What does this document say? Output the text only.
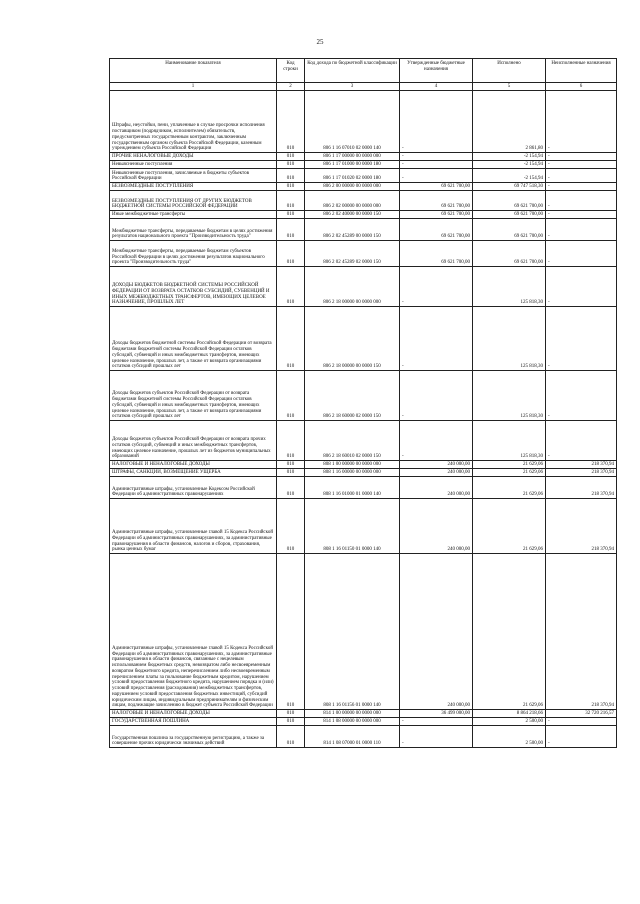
25
Наименование показателя	Код строки	Код дохода по бюджетной классификации	Утвержденные бюджетные назначения	Исполнено	Неисполненные назначения
1	2	3	4	5	6
Штрафы, неустойки, пени, уплаченные в случае просрочки исполнения поставщиком (подрядчиком, исполнителем) обязательств, предусмотренных государственным контрактом, заключенным государственным органом субъекта Российской Федерации, казенным учреждением субъекта Российской Федерации	010	806 1 16 07010 02 0000 140	-	2 861,80	-
ПРОЧИЕ НЕНАЛОГОВЫЕ ДОХОДЫ	010	806 1 17 00000 00 0000 000	-	-2 154,94	-
Невыясненные поступления	010	806 1 17 01000 00 0000 180	-	-2 154,94	-
Невыясненные поступления, зачисляемые в бюджеты субъектов Российской Федерации	010	806 1 17 01020 02 0000 180	-	-2 154,94	-
БЕЗВОЗМЕЗДНЫЕ ПОСТУПЛЕНИЯ	010	806 2 00 00000 00 0000 000	69 621 700,00	69 747 518,30	-
БЕЗВОЗМЕЗДНЫЕ ПОСТУПЛЕНИЯ ОТ ДРУГИХ БЮДЖЕТОВ БЮДЖЕТНОЙ СИСТЕМЫ РОССИЙСКОЙ ФЕДЕРАЦИИ	010	806 2 02 00000 00 0000 000	69 621 700,00	69 621 700,00	-
Иные межбюджетные трансферты	010	806 2 02 40000 00 0000 150	69 621 700,00	69 621 700,00	-
Межбюджетные трансферты, передаваемые бюджетам в целях достижения результатов национального проекта "Производительность труда"	010	806 2 02 45289 00 0000 150	69 621 700,00	69 621 700,00	-
Межбюджетные трансферты, передаваемые бюджетам субъектов Российской Федерации в целях достижения результатов национального проекта "Производительность труда"	010	806 2 02 45289 02 0000 150	69 621 700,00	69 621 700,00	-
ДОХОДЫ БЮДЖЕТОВ БЮДЖЕТНОЙ СИСТЕМЫ РОССИЙСКОЙ ФЕДЕРАЦИИ ОТ ВОЗВРАТА ОСТАТКОВ СУБСИДИЙ, СУБВЕНЦИЙ И ИНЫХ МЕЖБЮДЖЕТНЫХ ТРАНСФЕРТОВ, ИМЕЮЩИХ ЦЕЛЕВОЕ НАЗНАЧЕНИЕ, ПРОШЛЫХ ЛЕТ	010	806 2 18 00000 00 0000 000	-	125 818,30	-
Доходы бюджетов бюджетной системы Российской Федерации от возврата бюджетами бюджетной системы Российской Федерации остатков субсидий, субвенций и иных межбюджетных трансфертов, имеющих целевое назначение, прошлых лет, а также от возврата организациями остатков субсидий прошлых лет	010	806 2 18 00000 00 0000 150	-	125 818,30	-
Доходы бюджетов субъектов Российской Федерации от возврата бюджетами бюджетной системы Российской Федерации остатков субсидий, субвенций и иных межбюджетных трансфертов, имеющих целевое назначение, прошлых лет, а также от возврата организациями остатков субсидий прошлых лет	010	806 2 18 60000 02 0000 150	-	125 818,30	-
Доходы бюджетов субъектов Российской Федерации от возврата прочих остатков субсидий, субвенций и иных межбюджетных трансфертов, имеющих целевое назначение, прошлых лет из бюджетов муниципальных образований	010	806 2 18 60010 02 0000 150	-	125 818,30	-
НАЛОГОВЫЕ И НЕНАЛОГОВЫЕ ДОХОДЫ	010	808 1 00 00000 00 0000 000	240 000,00	21 629,06	218 370,94
ШТРАФЫ, САНКЦИИ, ВОЗМЕЩЕНИЕ УЩЕРБА	010	808 1 16 00000 00 0000 000	240 000,00	21 629,06	218 370,94
Административные штрафы, установленные Кодексом Российской Федерации об административных правонарушениях	010	808 1 16 01000 01 0000 140	240 000,00	21 629,06	218 370,94
Административные штрафы, установленные главой 15 Кодекса Российской Федерации об административных правонарушениях, за административные правонарушения в области финансов, налогов и сборов, страхования, рынка ценных бумаг	010	808 1 16 01150 01 0000 140	240 000,00	21 629,06	218 370,94
Административные штрафы, установленные главой 15 Кодекса Российской Федерации об административных правонарушениях, за административные правонарушения в области финансов, связанные с нецелевым использованием бюджетных средств, невозвратом либо несвоевременным возвратом бюджетного кредита, неперечислением либо несвоевременным перечислением платы за пользование бюджетным кредитом, нарушением условий предоставления бюджетного кредита, нарушением порядка и (или) условий предоставления (расходования) межбюджетных трансфертов, нарушением условий предоставления бюджетных инвестиций, субсидий юридическим лицам, индивидуальным предпринимателям и физическим лицам, подлежащие зачислению в бюджет субъекта Российской Федерации	010	808 1 16 01156 01 0000 140	240 000,00	21 629,06	218 370,94
НАЛОГОВЫЕ И НЕНАЛОГОВЫЕ ДОХОДЫ	010	814 1 00 00000 00 0000 000	36 499 000,00	8 864 218,66	32 720 216,57
ГОСУДАРСТВЕННАЯ ПОШЛИНА	010	814 1 08 00000 00 0000 000	-	2 500,00	-
Государственная пошлина за государственную регистрацию, а также за совершение прочих юридически значимых действий	010	814 1 08 07000 01 0000 110	-	2 500,00	-
